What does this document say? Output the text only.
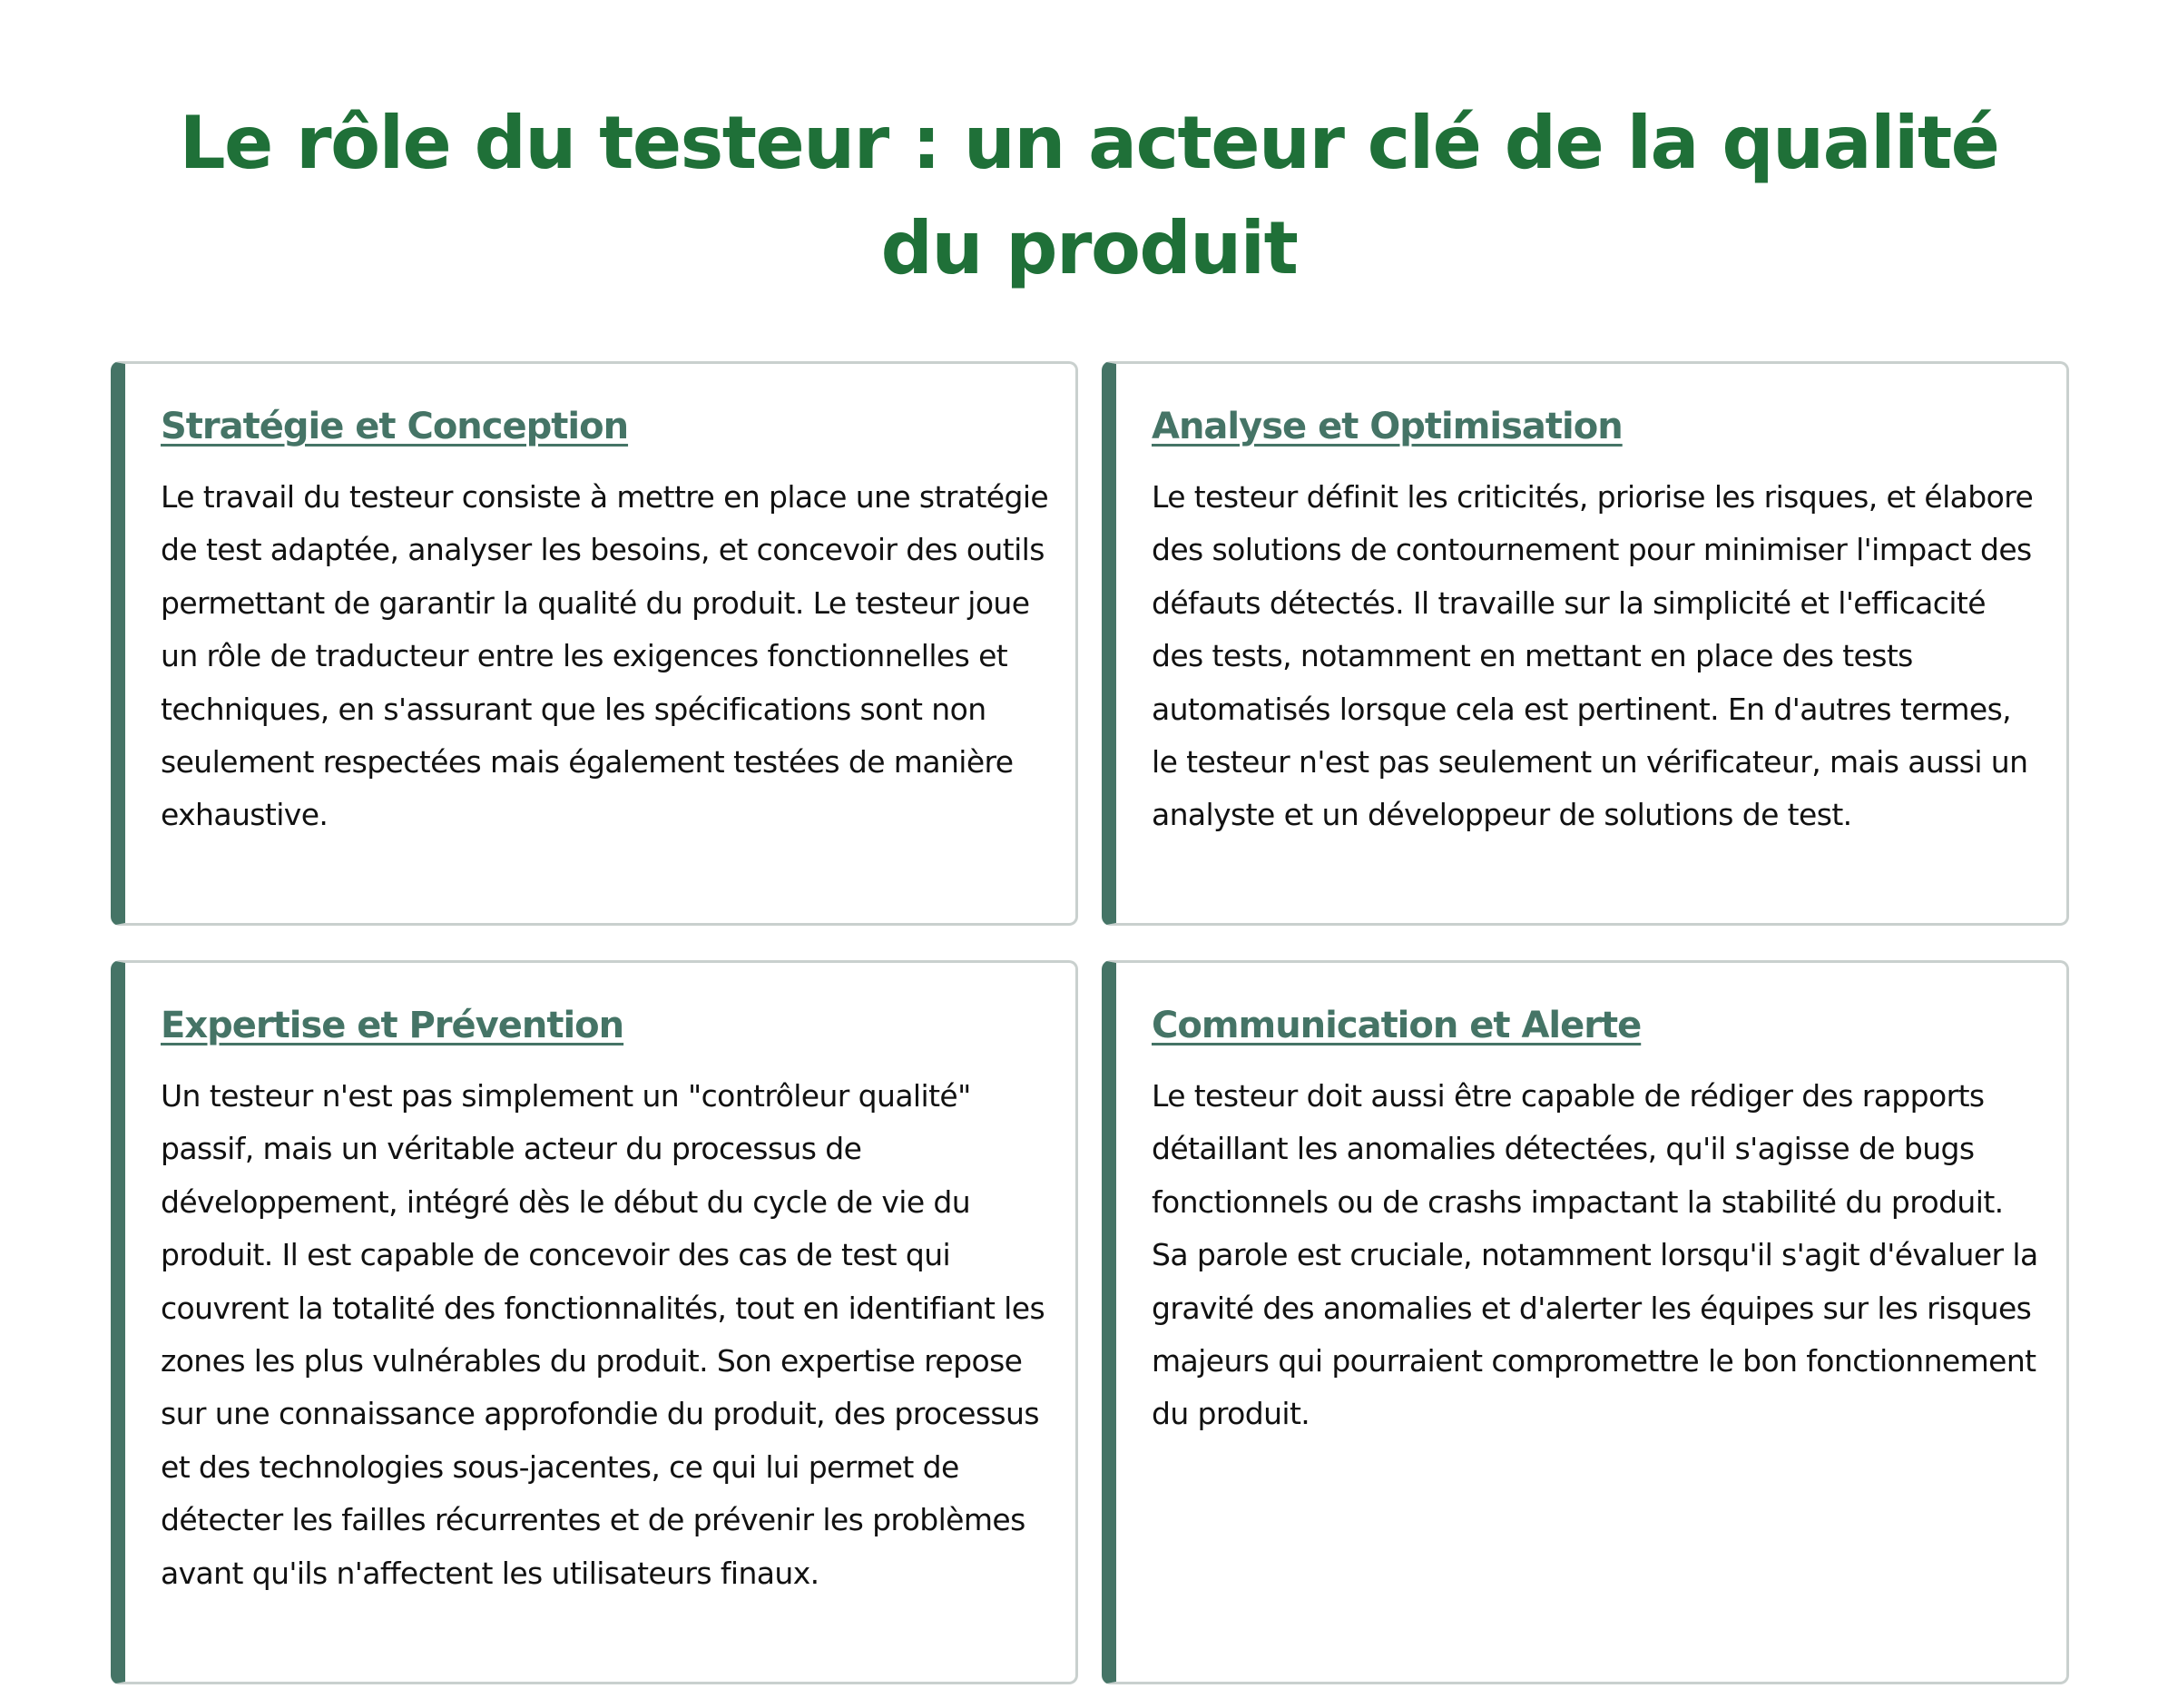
Le rôle du testeur : un acteur clé de la qualité du produit
Stratégie et Conception

Le travail du testeur consiste à mettre en place une stratégie de test adaptée, analyser les besoins, et concevoir des outils permettant de garantir la qualité du produit. Le testeur joue un rôle de traducteur entre les exigences fonctionnelles et techniques, en s'assurant que les spécifications sont non seulement respectées mais également testées de manière exhaustive.

Analyse et Optimisation

Le testeur définit les criticités, priorise les risques, et élabore des solutions de contournement pour minimiser l'impact des défauts détectés. Il travaille sur la simplicité et l'efficacité des tests, notamment en mettant en place des tests automatisés lorsque cela est pertinent. En d'autres termes, le testeur n'est pas seulement un vérificateur, mais aussi un analyste et un développeur de solutions de test.

Expertise et Prévention

Un testeur n'est pas simplement un "contrôleur qualité" passif, mais un véritable acteur du processus de développement, intégré dès le début du cycle de vie du produit. Il est capable de concevoir des cas de test qui couvrent la totalité des fonctionnalités, tout en identifiant les zones les plus vulnérables du produit. Son expertise repose sur une connaissance approfondie du produit, des processus et des technologies sous-jacentes, ce qui lui permet de détecter les failles récurrentes et de prévenir les problèmes avant qu'ils n'affectent les utilisateurs finaux.

Communication et Alerte

Le testeur doit aussi être capable de rédiger des rapports détaillant les anomalies détectées, qu'il s'agisse de bugs fonctionnels ou de crashs impactant la stabilité du produit. Sa parole est cruciale, notamment lorsqu'il s'agit d'évaluer la gravité des anomalies et d'alerter les équipes sur les risques majeurs qui pourraient compromettre le bon fonctionnement du produit.
